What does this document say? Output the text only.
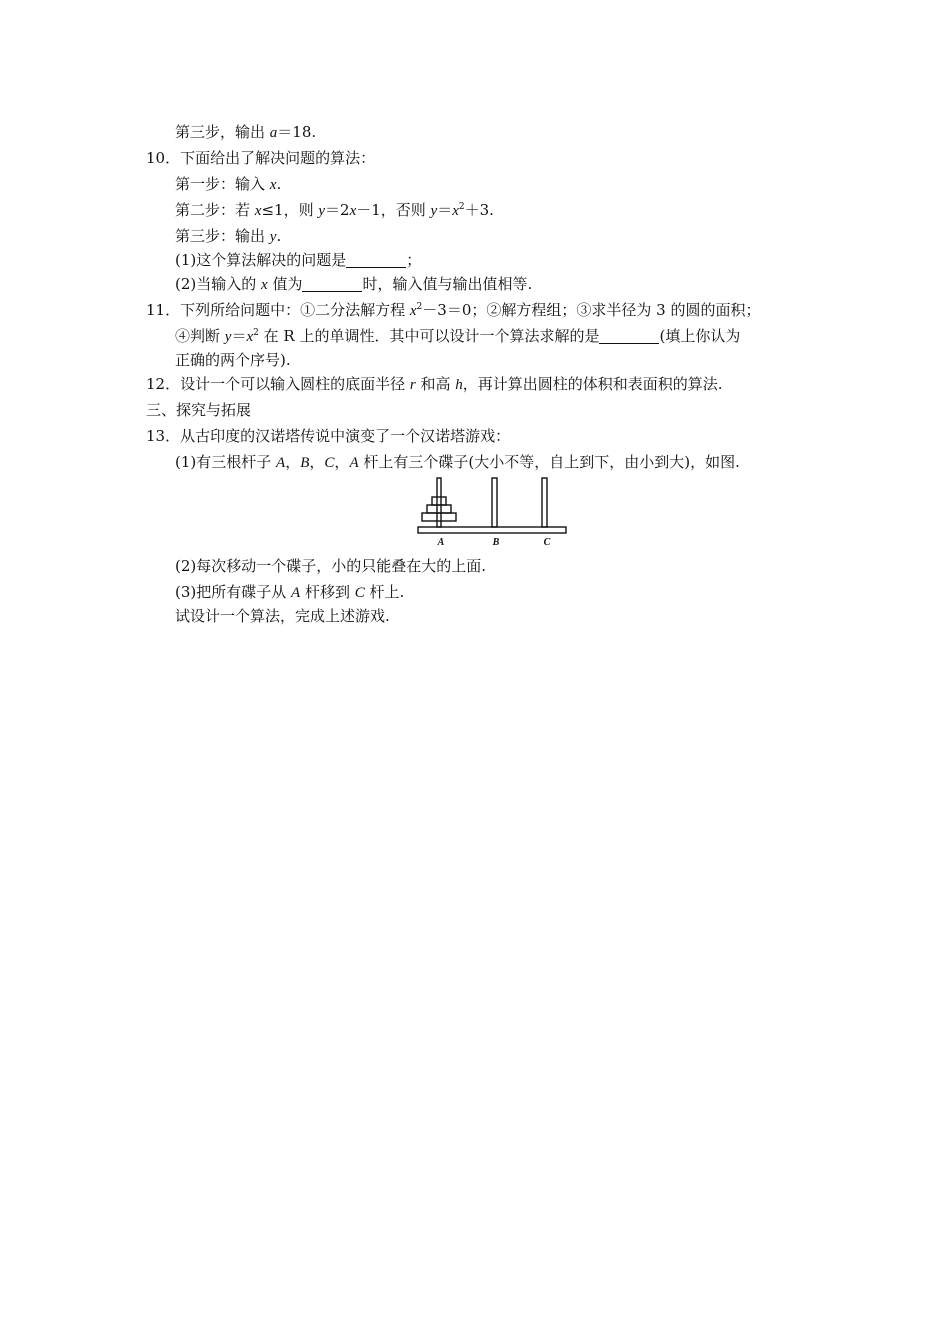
第三步，输出 a＝18.
10．下面给出了解决问题的算法：
第一步：输入 x.
第二步：若 x≤1，则 y＝2x－1，否则 $y=x^2+3$.
第三步：输出 y.
(1)这个算法解决的问题是	；
(2)当输入的 x 值为	时，输入值与输出值相等.
11．下列所给问题中：①二分法解方程 $x^2-3=0$；②解方程组；③求半径为 3 的圆的面积；
④判断 $y=x^2$ 在 R 上的单调性．其中可以设计一个算法求解的是	(填上你认为
正确的两个序号).
12．设计一个可以输入圆柱的底面半径 r 和高 h，再计算出圆柱的体积和表面积的算法.
三、探究与拓展
13．从古印度的汉诺塔传说中演变了一个汉诺塔游戏：
(1)有三根杆子 A，B，C，A 杆上有三个碟子(大小不等，自上到下，由小到大)，如图.
A	B	C
(2)每次移动一个碟子，小的只能叠在大的上面.
(3)把所有碟子从 A 杆移到 C 杆上.
试设计一个算法，完成上述游戏.
